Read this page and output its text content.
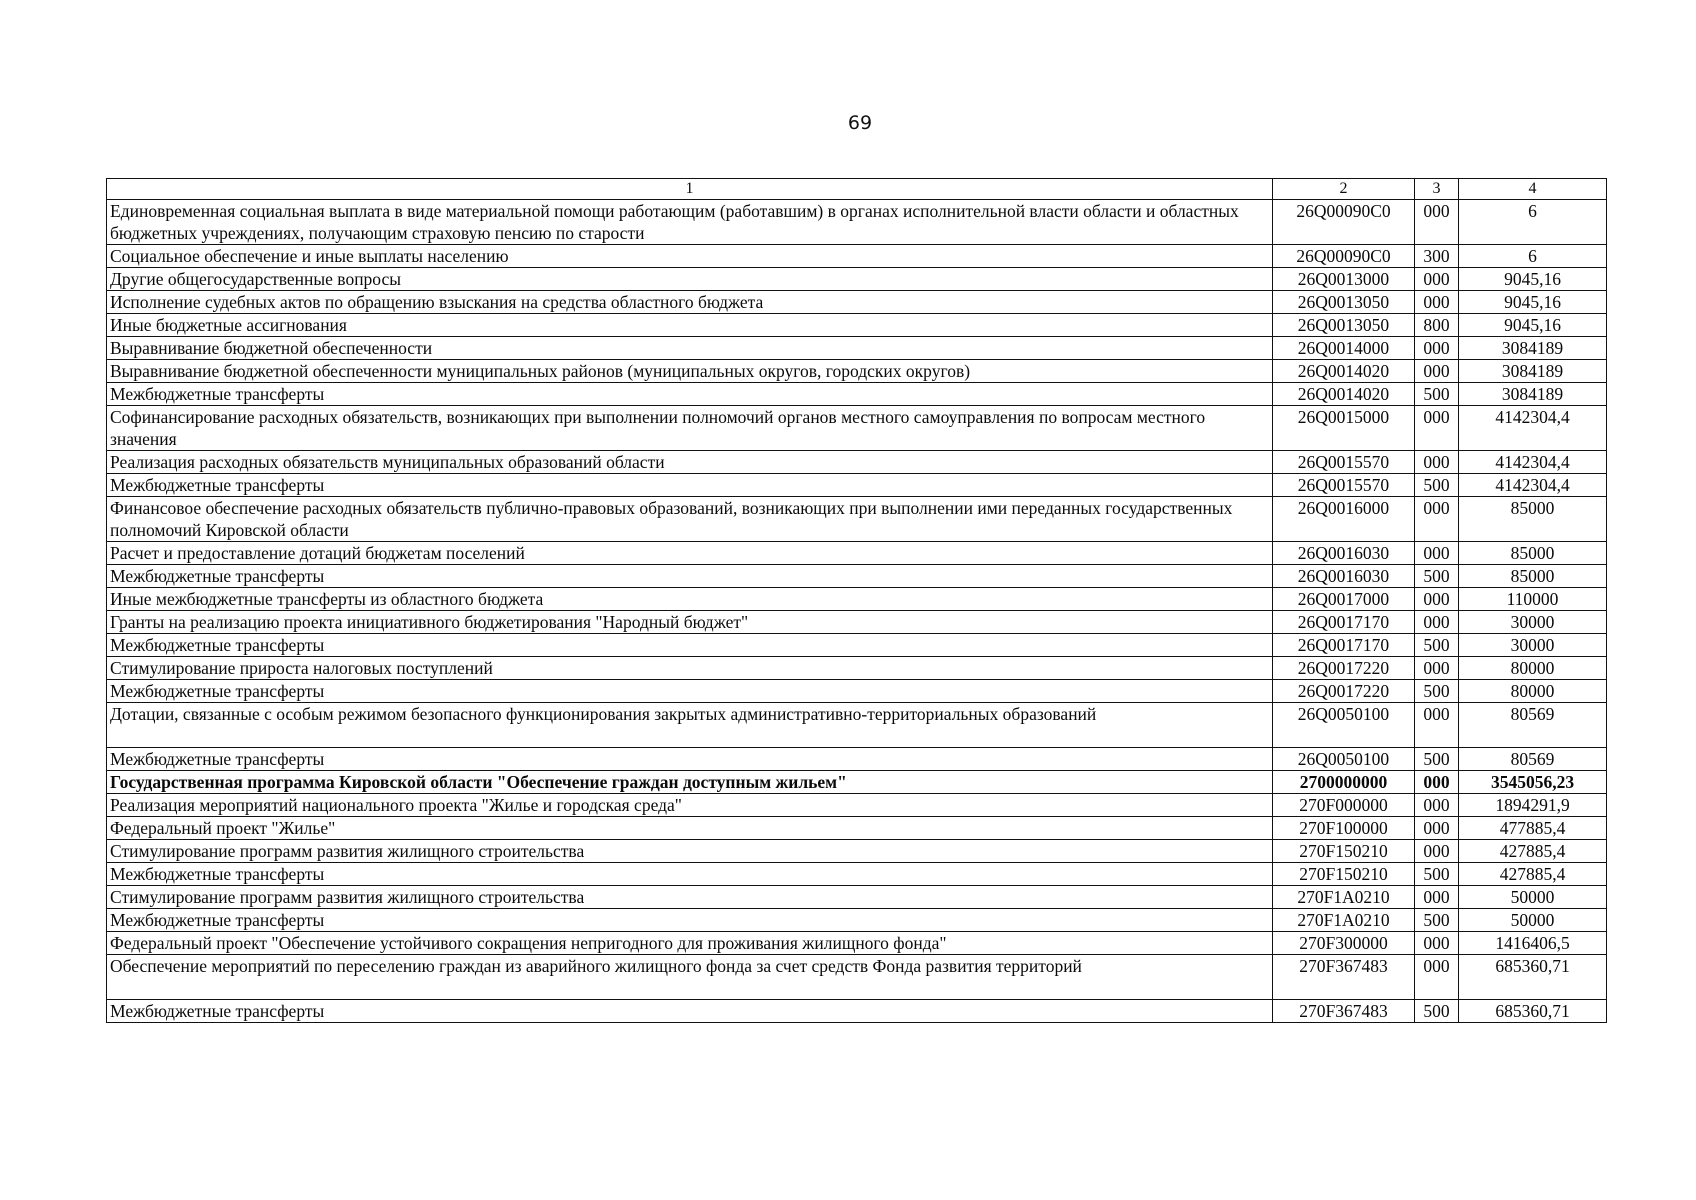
69
1	2	3	4
Единовременная социальная выплата в виде материальной помощи работающим (работавшим) в органах исполнительной власти области и областных бюджетных учреждениях, получающим страховую пенсию по старости	26Q00090C0	000	6
Социальное обеспечение и иные выплаты населению	26Q00090C0	300	6
Другие общегосударственные вопросы	26Q0013000	000	9045,16
Исполнение судебных актов по обращению взыскания на средства областного бюджета	26Q0013050	000	9045,16
Иные бюджетные ассигнования	26Q0013050	800	9045,16
Выравнивание бюджетной обеспеченности	26Q0014000	000	3084189
Выравнивание бюджетной обеспеченности муниципальных районов (муниципальных округов, городских округов)	26Q0014020	000	3084189
Межбюджетные трансферты	26Q0014020	500	3084189
Софинансирование расходных обязательств, возникающих при выполнении полномочий органов местного самоуправления по вопросам местного значения	26Q0015000	000	4142304,4
Реализация расходных обязательств муниципальных образований области	26Q0015570	000	4142304,4
Межбюджетные трансферты	26Q0015570	500	4142304,4
Финансовое обеспечение расходных обязательств публично-правовых образований, возникающих при выполнении ими переданных государственных полномочий Кировской области	26Q0016000	000	85000
Расчет и предоставление дотаций бюджетам поселений	26Q0016030	000	85000
Межбюджетные трансферты	26Q0016030	500	85000
Иные межбюджетные трансферты из областного бюджета	26Q0017000	000	110000
Гранты на реализацию проекта инициативного бюджетирования "Народный бюджет"	26Q0017170	000	30000
Межбюджетные трансферты	26Q0017170	500	30000
Стимулирование прироста налоговых поступлений	26Q0017220	000	80000
Межбюджетные трансферты	26Q0017220	500	80000
Дотации, связанные с особым режимом безопасного функционирования закрытых административно-территориальных образований	26Q0050100	000	80569
Межбюджетные трансферты	26Q0050100	500	80569
Государственная программа Кировской области "Обеспечение граждан доступным жильем"	2700000000	000	3545056,23
Реализация мероприятий национального проекта "Жилье и городская среда"	270F000000	000	1894291,9
Федеральный проект "Жилье"	270F100000	000	477885,4
Стимулирование программ развития жилищного строительства	270F150210	000	427885,4
Межбюджетные трансферты	270F150210	500	427885,4
Стимулирование программ развития жилищного строительства	270F1A0210	000	50000
Межбюджетные трансферты	270F1A0210	500	50000
Федеральный проект "Обеспечение устойчивого сокращения непригодного для проживания жилищного фонда"	270F300000	000	1416406,5
Обеспечение мероприятий по переселению граждан из аварийного жилищного фонда за счет средств Фонда развития территорий	270F367483	000	685360,71
Межбюджетные трансферты	270F367483	500	685360,71
